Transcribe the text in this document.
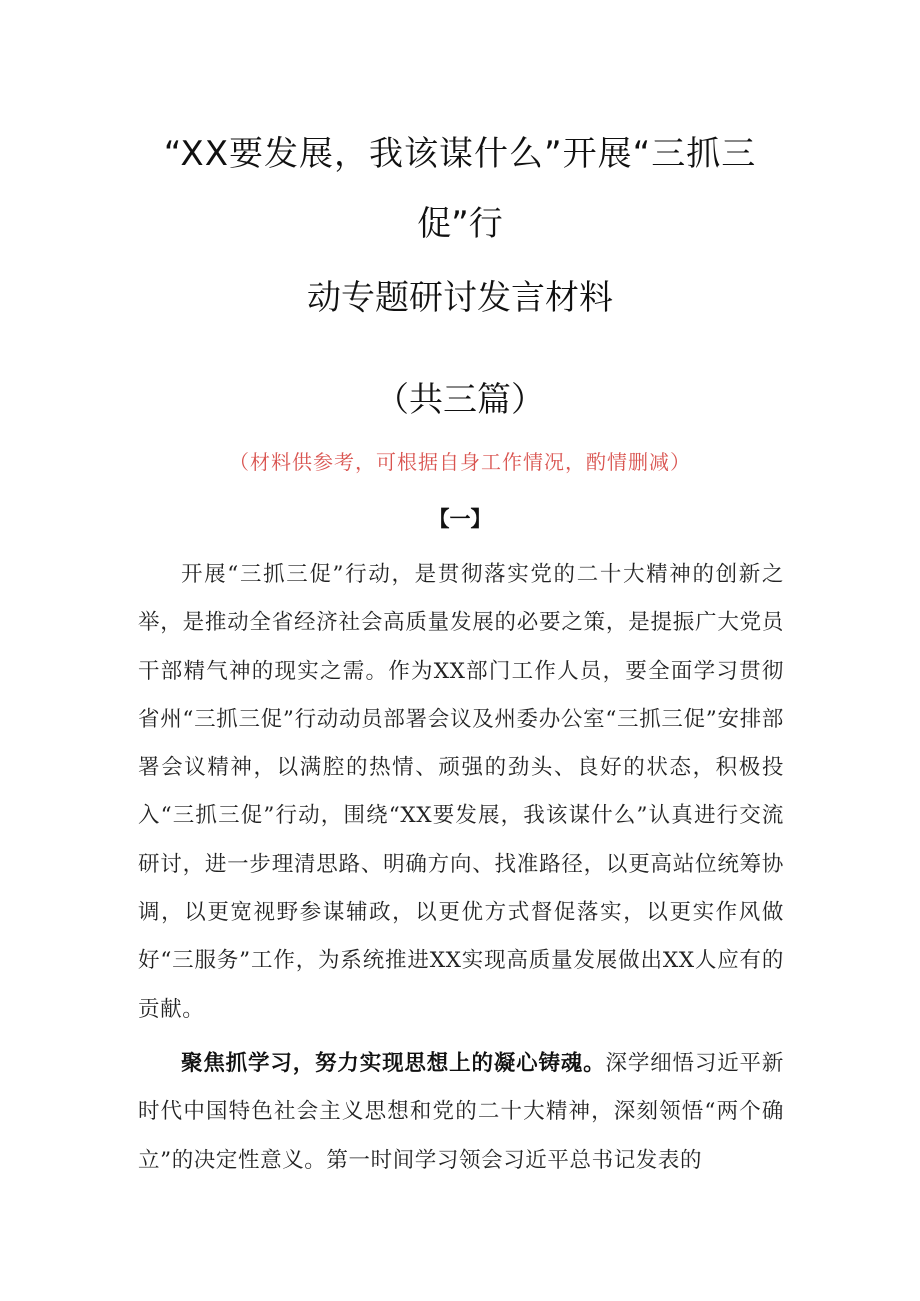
“XX要发展，我该谋什么”开展“三抓三
促”行
动专题研讨发言材料
（共三篇）
（材料供参考，可根据自身工作情况，酌情删减）
【一】

开展“三抓三促”行动，是贯彻落实党的二十大精神的创新之举，是推动全省经济社会高质量发展的必要之策，是提振广大党员干部精气神的现实之需。作为XX部门工作人员，要全面学习贯彻省州“三抓三促”行动动员部署会议及州委办公室“三抓三促”安排部署会议精神，以满腔的热情、顽强的劲头、良好的状态，积极投入“三抓三促”行动，围绕“XX要发展，我该谋什么”认真进行交流研讨，进一步理清思路、明确方向、找准路径，以更高站位统筹协调，以更宽视野参谋辅政，以更优方式督促落实，以更实作风做好“三服务”工作，为系统推进XX实现高质量发展做出XX人应有的贡献。

聚焦抓学习，努力实现思想上的凝心铸魂。深学细悟习近平新时代中国特色社会主义思想和党的二十大精神，深刻领悟“两个确立”的决定性意义。第一时间学习领会习近平总书记发表的
